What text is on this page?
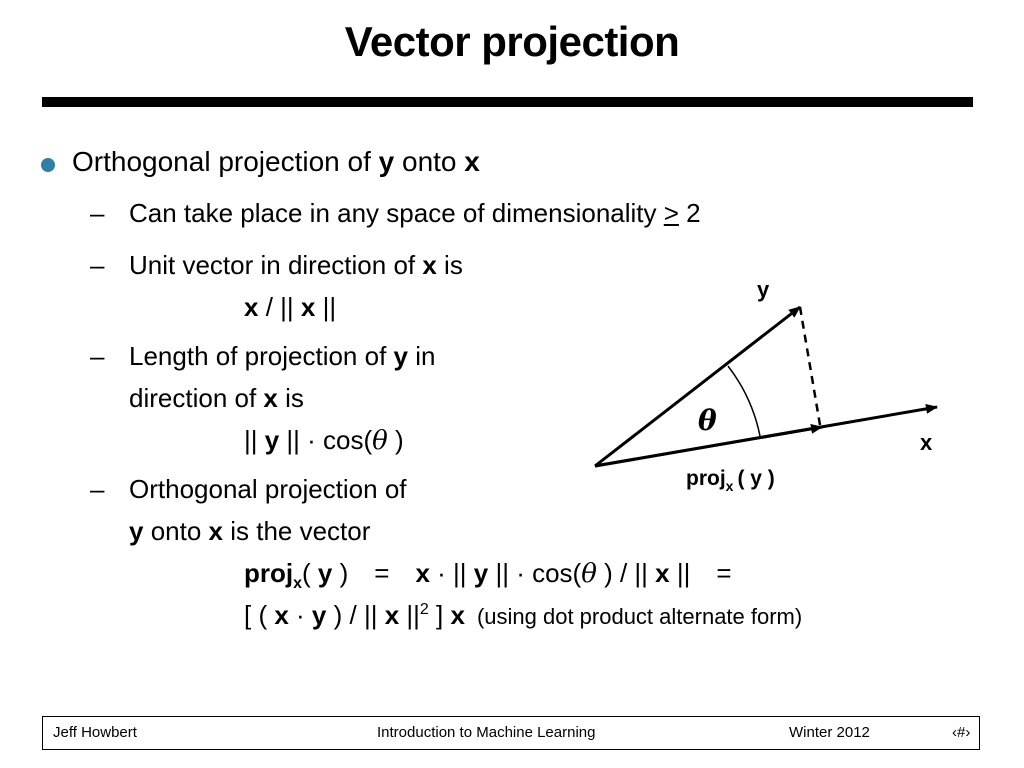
Vector projection
Orthogonal projection of y onto x
– Can take place in any space of dimensionality > 2
– Unit vector in direction of x is
x / || x ||
– Length of projection of y in
direction of x is
|| y || · cos(θ )
– Orthogonal projection of
y onto x is the vector
proj$_x$( y ) = x · || y || · cos(θ ) / || x || =
[ ( x · y ) / || x $||^2$ ] x (using dot product alternate form)
y
x
θ
proj$_x$ ( y )
Jeff Howbert	Introduction to Machine Learning	Winter 2012	‹#›
